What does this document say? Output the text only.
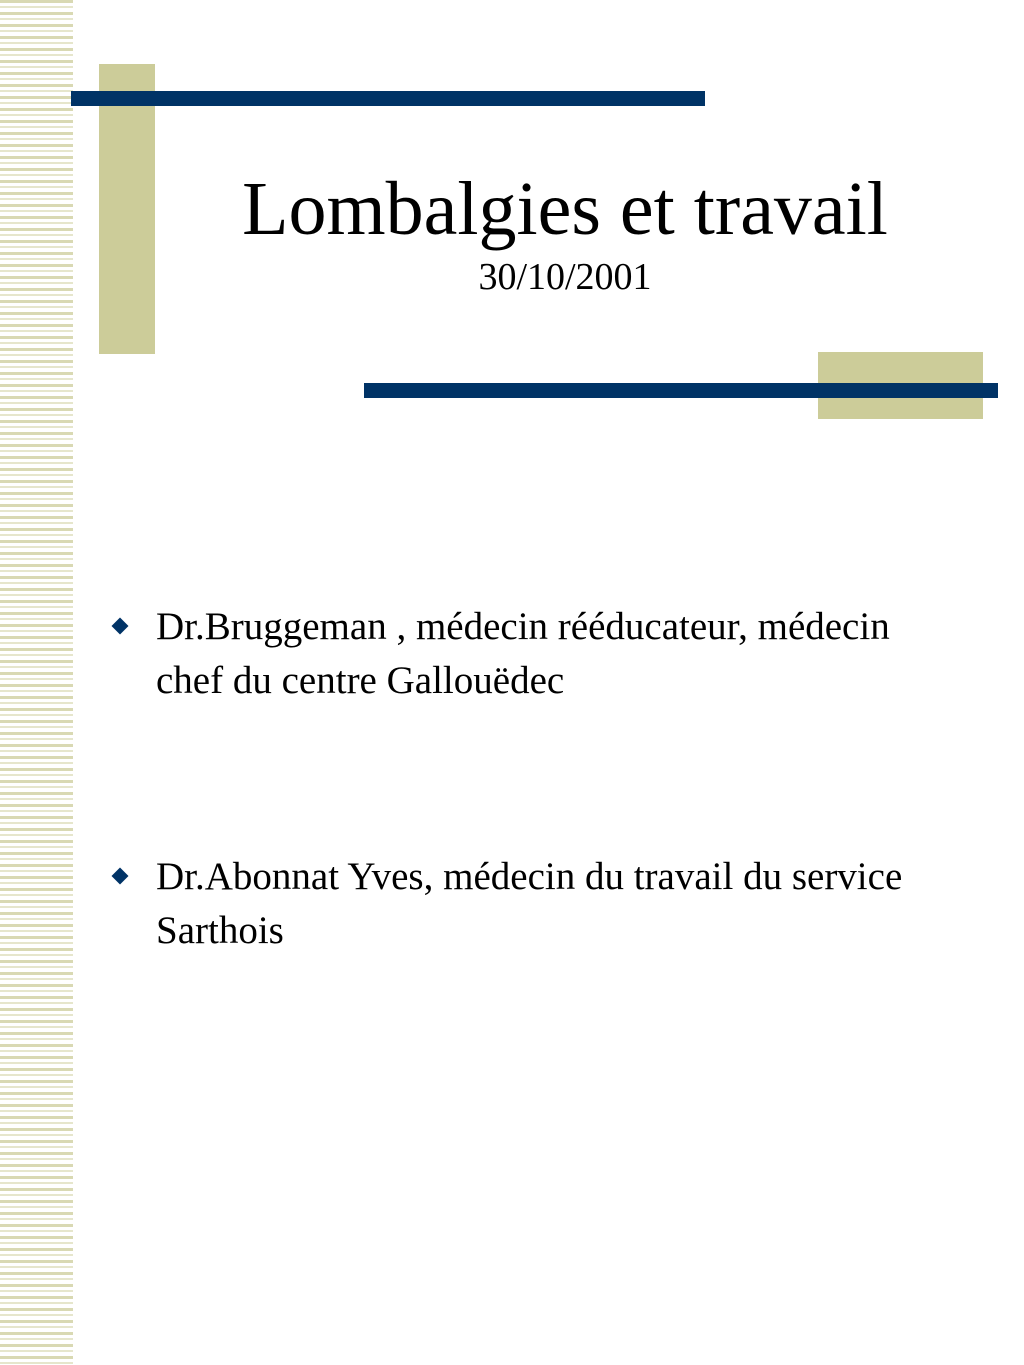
Lombalgies et travail
30/10/2001
Dr.Bruggeman , médecin rééducateur, médecin chef du centre Gallouëdec
Dr.Abonnat Yves, médecin du travail du service Sarthois
